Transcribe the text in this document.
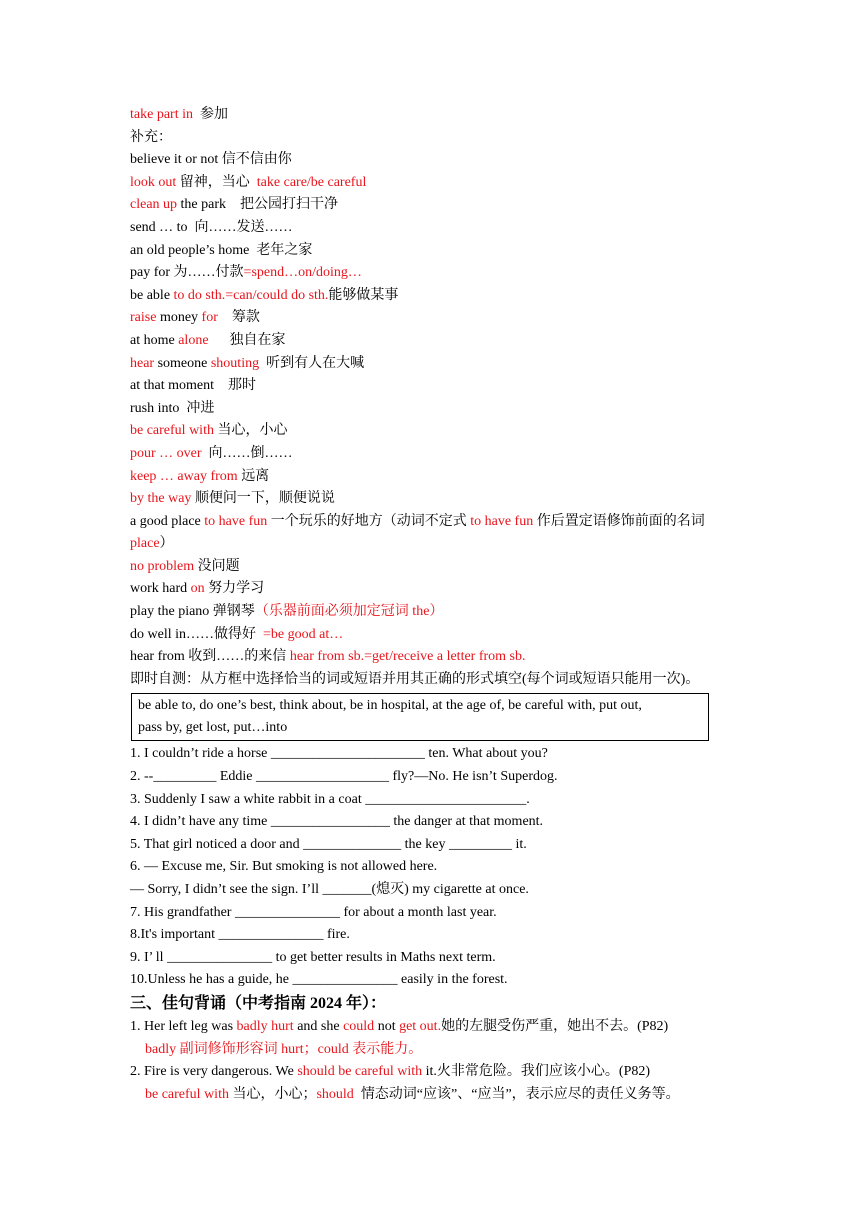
take part in  参加
补充：
believe it or not 信不信由你
look out 留神，当心  take care/be careful
clean up the park    把公园打扫干净
send … to  向……发送……
an old people’s home  老年之家
pay for 为……付款=spend…on/doing…
be able to do sth.=can/could do sth.能够做某事
raise money for    筹款
at home alone      独自在家
hear someone shouting  听到有人在大喊
at that moment    那时
rush into  冲进
be careful with 当心，小心
pour … over  向……倒……
keep … away from 远离
by the way 顺便问一下，顺便说说
a good place to have fun 一个玩乐的好地方（动词不定式 to have fun 作后置定语修饰前面的名词 place）
no problem 没问题
work hard on 努力学习
play the piano 弹钢琴（乐器前面必须加定冠词 the）
do well in……做得好  =be good at…
hear from 收到……的来信 hear from sb.=get/receive a letter from sb.
即时自测：从方框中选择恰当的词或短语并用其正确的形式填空(每个词或短语只能用一次)。
be able to, do one’s best, think about, be in hospital, at the age of, be careful with, put out,
pass by, get lost, put…into
1. I couldn’t ride a horse ______________________ ten. What about you?
2. --_________ Eddie ___________________ fly?—No. He isn’t Superdog.
3. Suddenly I saw a white rabbit in a coat _______________________.
4. I didn’t have any time _________________ the danger at that moment.
5. That girl noticed a door and ______________ the key _________ it.
6. — Excuse me, Sir. But smoking is not allowed here.
— Sorry, I didn’t see the sign. I’ll _______(熄灭) my cigarette at once.
7. His grandfather _______________ for about a month last year.
8.It's important _______________ fire.
9. I’ ll _______________ to get better results in Maths next term.
10.Unless he has a guide, he _______________ easily in the forest.
三、佳句背诵（中考指南 2024 年）：
1. Her left leg was badly hurt and she could not get out.她的左腿受伤严重，她出不去。(P82)
badly 副词修饰形容词 hurt；could 表示能力。
2. Fire is very dangerous. We should be careful with it.火非常危险。我们应该小心。(P82)
be careful with 当心，小心；should  情态动词“应该”、“应当”，表示应尽的责任义务等。
